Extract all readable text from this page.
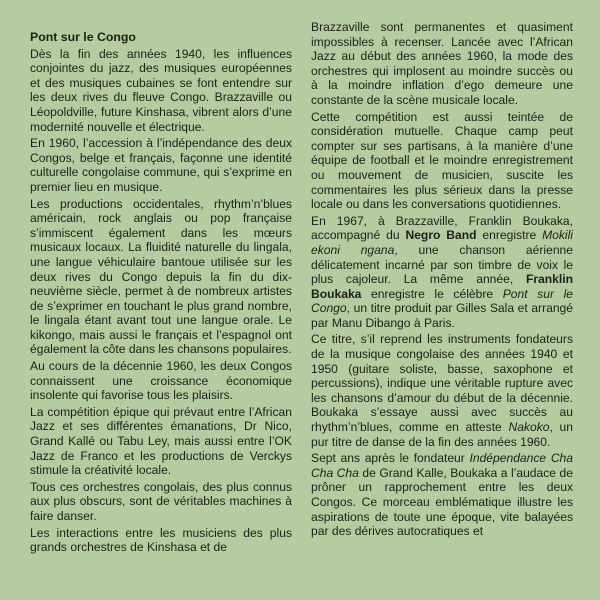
Pont sur le Congo

Dès la fin des années 1940, les influences conjointes du jazz, des musiques européennes et des musiques cubaines se font entendre sur les deux rives du fleuve Congo. Brazzaville ou Léopoldville, future Kinshasa, vibrent alors d’une modernité nouvelle et électrique.

En 1960, l’accession à l’indépendance des deux Congos, belge et français, façonne une identité culturelle congolaise commune, qui s’exprime en premier lieu en musique.

Les productions occidentales, rhythm’n’blues américain, rock anglais ou pop française s’immiscent également dans les mœurs musicaux locaux. La fluidité naturelle du lingala, une langue véhiculaire bantoue utilisée sur les deux rives du Congo depuis la fin du dix-neuvième siècle, permet à de nombreux artistes de s’exprimer en touchant le plus grand nombre, le lingala étant avant tout une langue orale. Le kikongo, mais aussi le français et l’espagnol ont également la côte dans les chansons populaires.

Au cours de la décennie 1960, les deux Congos connaissent une croissance économique insolente qui favorise tous les plaisirs.

La compétition épique qui prévaut entre l’African Jazz et ses différentes émanations, Dr Nico, Grand Kallé ou Tabu Ley, mais aussi entre l’OK Jazz de Franco et les productions de Verckys stimule la créativité locale.

Tous ces orchestres congolais, des plus connus aux plus obscurs, sont de véritables machines à faire danser.

Les interactions entre les musiciens des plus grands orchestres de Kinshasa et de

Brazzaville sont permanentes et quasiment impossibles à recenser. Lancée avec l’African Jazz au début des années 1960, la mode des orchestres qui implosent au moindre succès ou à la moindre inflation d’ego demeure une constante de la scène musicale locale.

Cette compétition est aussi teintée de considération mutuelle. Chaque camp peut compter sur ses partisans, à la manière d’une équipe de football et le moindre enregistrement ou mouvement de musicien, suscite les commentaires les plus sérieux dans la presse locale ou dans les conversations quotidiennes.

En 1967, à Brazzaville, Franklin Boukaka, accompagné du Negro Band enregistre Mokili ekoni ngana, une chanson aérienne délicatement incarné par son timbre de voix le plus cajoleur. La même année, Franklin Boukaka enregistre le célèbre Pont sur le Congo, un titre produit par Gilles Sala et arrangé par Manu Dibango à Paris.

Ce titre, s’il reprend les instruments fondateurs de la musique congolaise des années 1940 et 1950 (guitare soliste, basse, saxophone et percussions), indique une véritable rupture avec les chansons d’amour du début de la décennie. Boukaka s’essaye aussi avec succès au rhythm’n’blues, comme en atteste Nakoko, un pur titre de danse de la fin des années 1960.

Sept ans après le fondateur Indépendance Cha Cha Cha de Grand Kalle, Boukaka a l’audace de prôner un rapprochement entre les deux Congos. Ce morceau emblématique illustre les aspirations de toute une époque, vite balayées par des dérives autocratiques et
